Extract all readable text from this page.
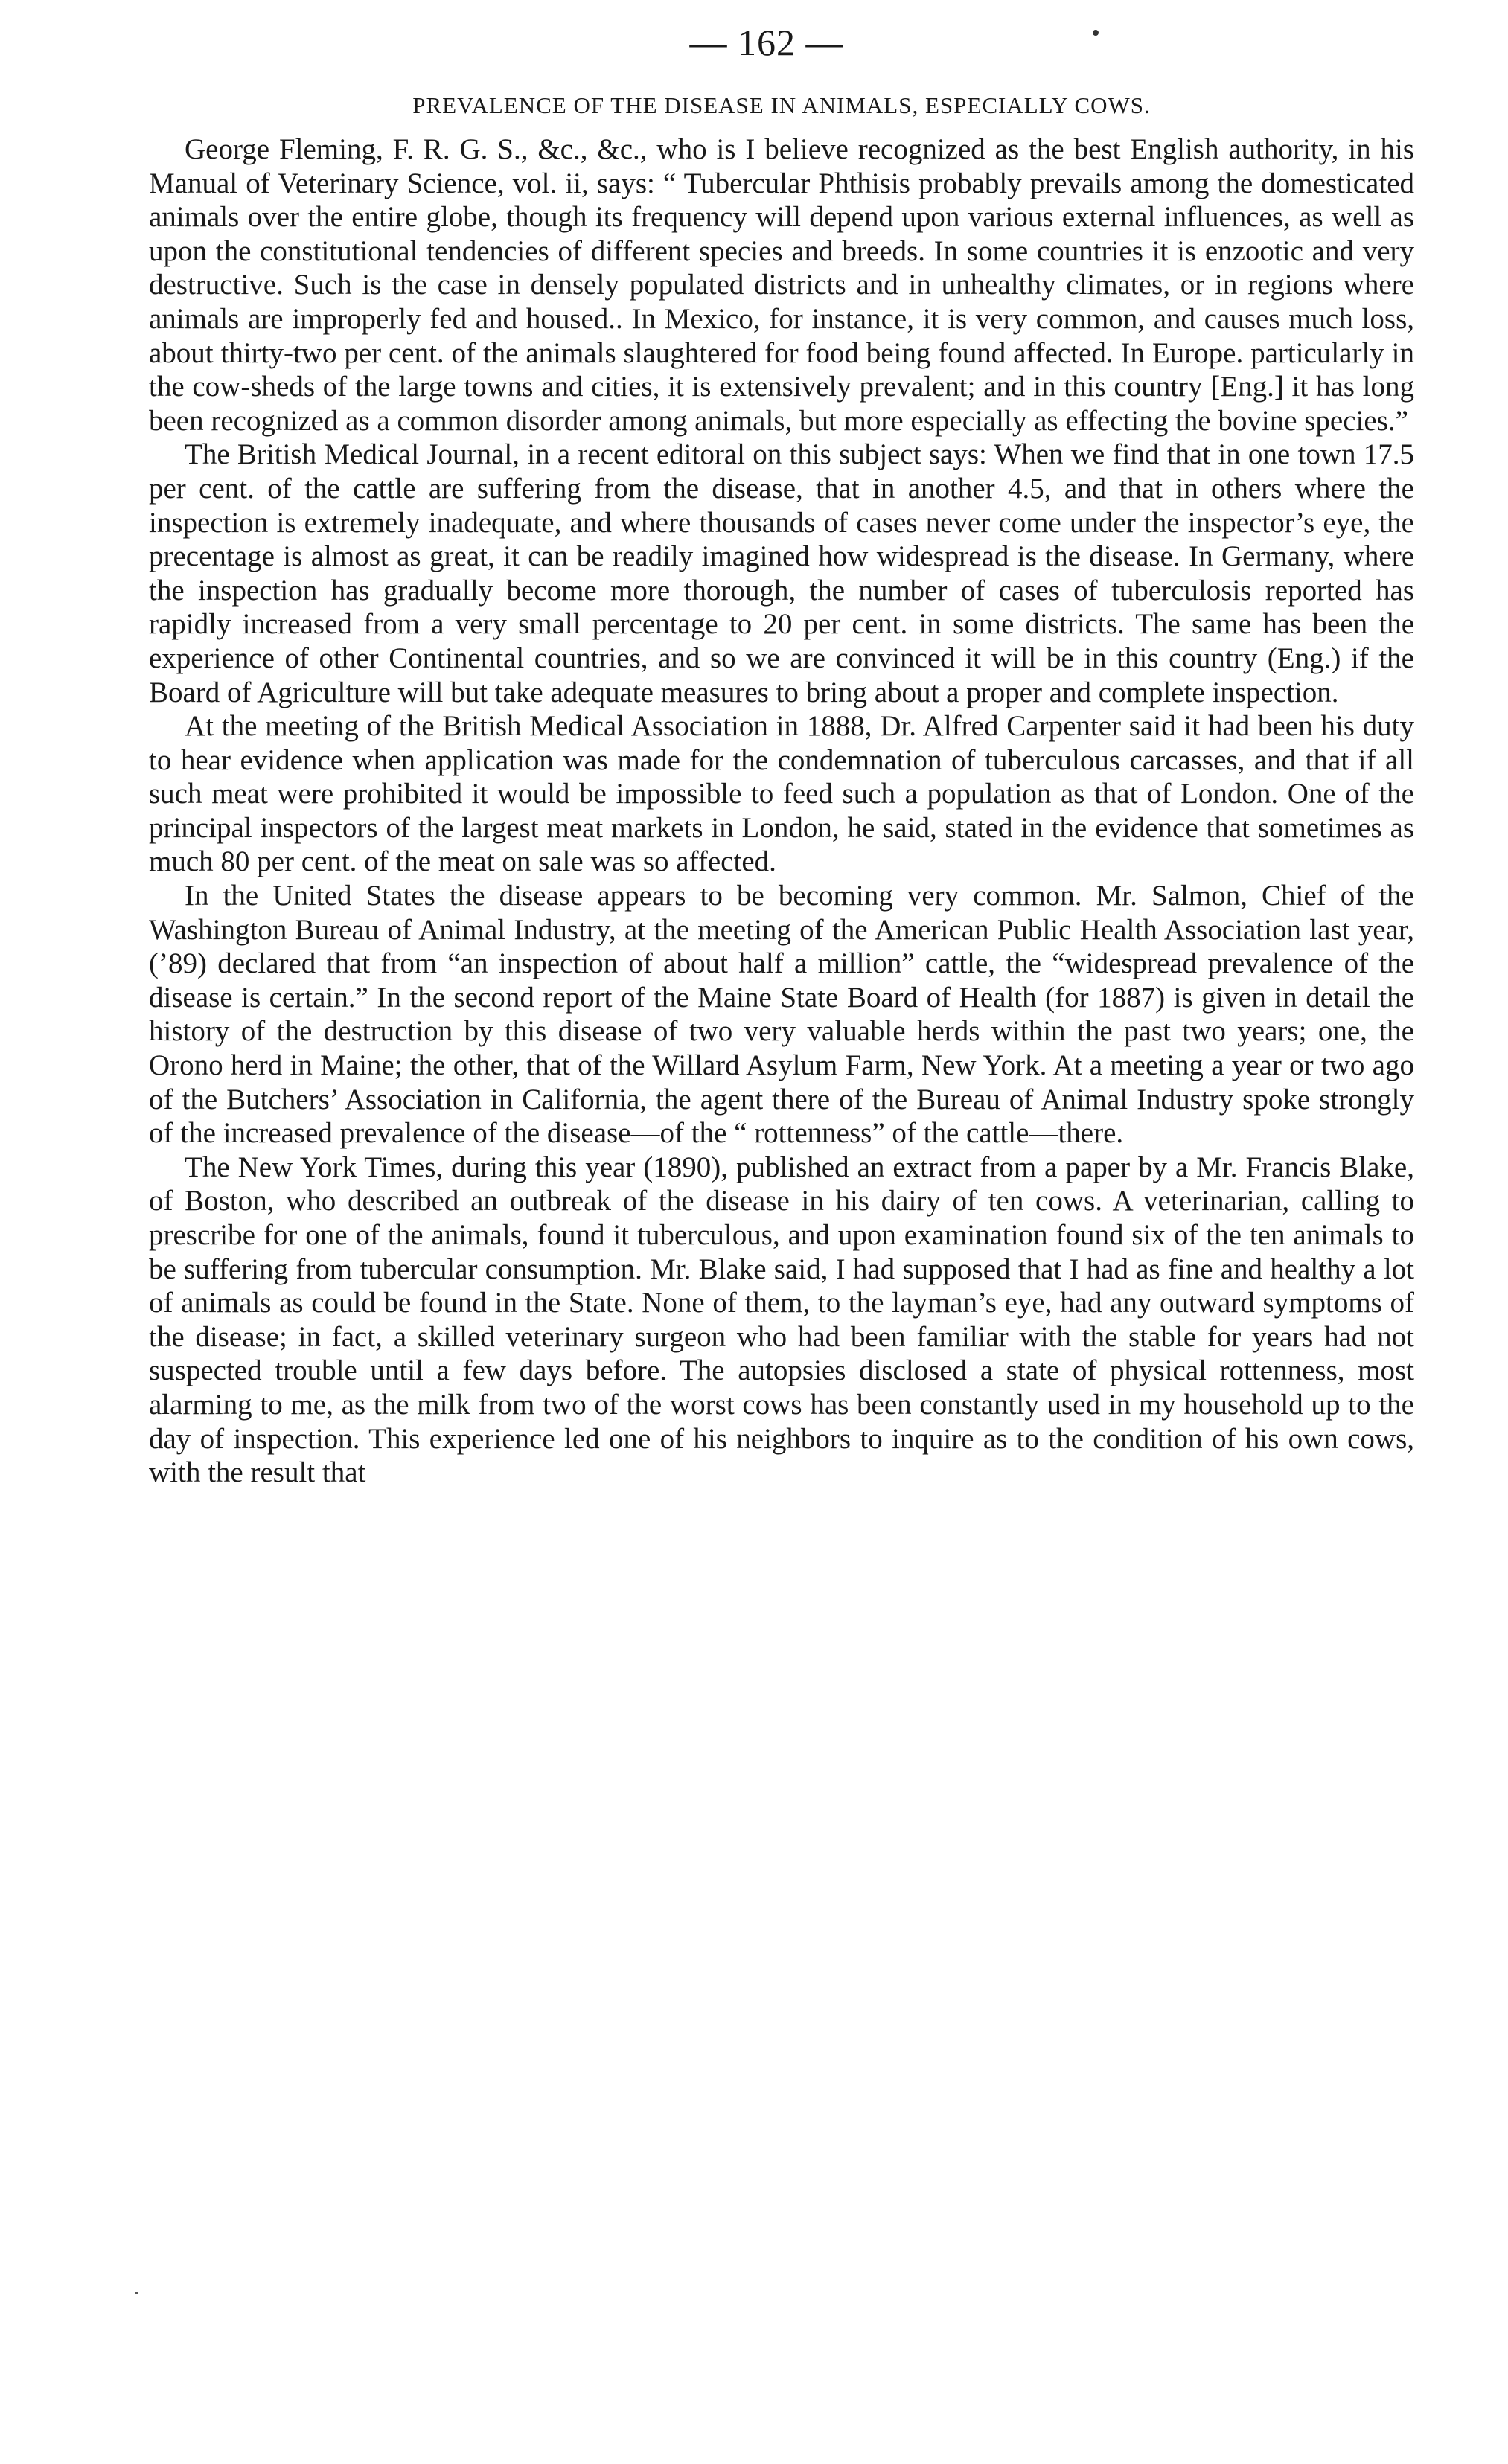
— 162 —
PREVALENCE OF THE DISEASE IN ANIMALS, ESPECIALLY COWS.

George Fleming, F. R. G. S., &c., &c., who is I believe recognized as the best English authority, in his Manual of Veterinary Science, vol. ii, says: “ Tubercular Phthisis probably prevails among the domesticated animals over the entire globe, though its frequency will depend upon various external influences, as well as upon the constitutional tendencies of different species and breeds. In some countries it is enzootic and very destructive. Such is the case in densely populated districts and in unhealthy climates, or in regions where animals are improperly fed and housed.. In Mexico, for instance, it is very common, and causes much loss, about thirty-two per cent. of the animals slaughtered for food being found affected. In Europe. particularly in the cow-sheds of the large towns and cities, it is extensively prevalent; and in this country [Eng.] it has long been recognized as a common disorder among animals, but more especially as effecting the bovine species.”

The British Medical Journal, in a recent editoral on this subject says: When we find that in one town 17.5 per cent. of the cattle are suffering from the disease, that in another 4.5, and that in others where the inspection is extremely inadequate, and where thousands of cases never come under the inspector’s eye, the precentage is almost as great, it can be readily imagined how widespread is the disease. In Germany, where the inspection has gradually become more thorough, the number of cases of tuberculosis reported has rapidly increased from a very small percentage to 20 per cent. in some districts. The same has been the experience of other Continental countries, and so we are convinced it will be in this country (Eng.) if the Board of Agriculture will but take adequate measures to bring about a proper and complete inspection.

At the meeting of the British Medical Association in 1888, Dr. Alfred Carpenter said it had been his duty to hear evidence when application was made for the condemnation of tuberculous carcasses, and that if all such meat were prohibited it would be impossible to feed such a population as that of London. One of the principal inspectors of the largest meat markets in London, he said, stated in the evidence that sometimes as much 80 per cent. of the meat on sale was so affected.

In the United States the disease appears to be becoming very common. Mr. Salmon, Chief of the Washington Bureau of Animal Industry, at the meeting of the American Public Health Association last year, (’89) declared that from “an inspection of about half a million” cattle, the “widespread prevalence of the disease is certain.” In the second report of the Maine State Board of Health (for 1887) is given in detail the history of the destruction by this disease of two very valuable herds within the past two years; one, the Orono herd in Maine; the other, that of the Willard Asylum Farm, New York. At a meeting a year or two ago of the Butchers’ Association in California, the agent there of the Bureau of Animal Industry spoke strongly of the increased prevalence of the disease—of the “ rottenness” of the cattle—there.

The New York Times, during this year (1890), published an extract from a paper by a Mr. Francis Blake, of Boston, who described an outbreak of the disease in his dairy of ten cows. A veterinarian, calling to prescribe for one of the animals, found it tuberculous, and upon examination found six of the ten animals to be suffering from tubercular consumption. Mr. Blake said, I had supposed that I had as fine and healthy a lot of animals as could be found in the State. None of them, to the layman’s eye, had any outward symptoms of the disease; in fact, a skilled veterinary surgeon who had been familiar with the stable for years had not suspected trouble until a few days before. The autopsies disclosed a state of physical rottenness, most alarming to me, as the milk from two of the worst cows has been constantly used in my household up to the day of inspection. This experience led one of his neighbors to inquire as to the condition of his own cows, with the result that
